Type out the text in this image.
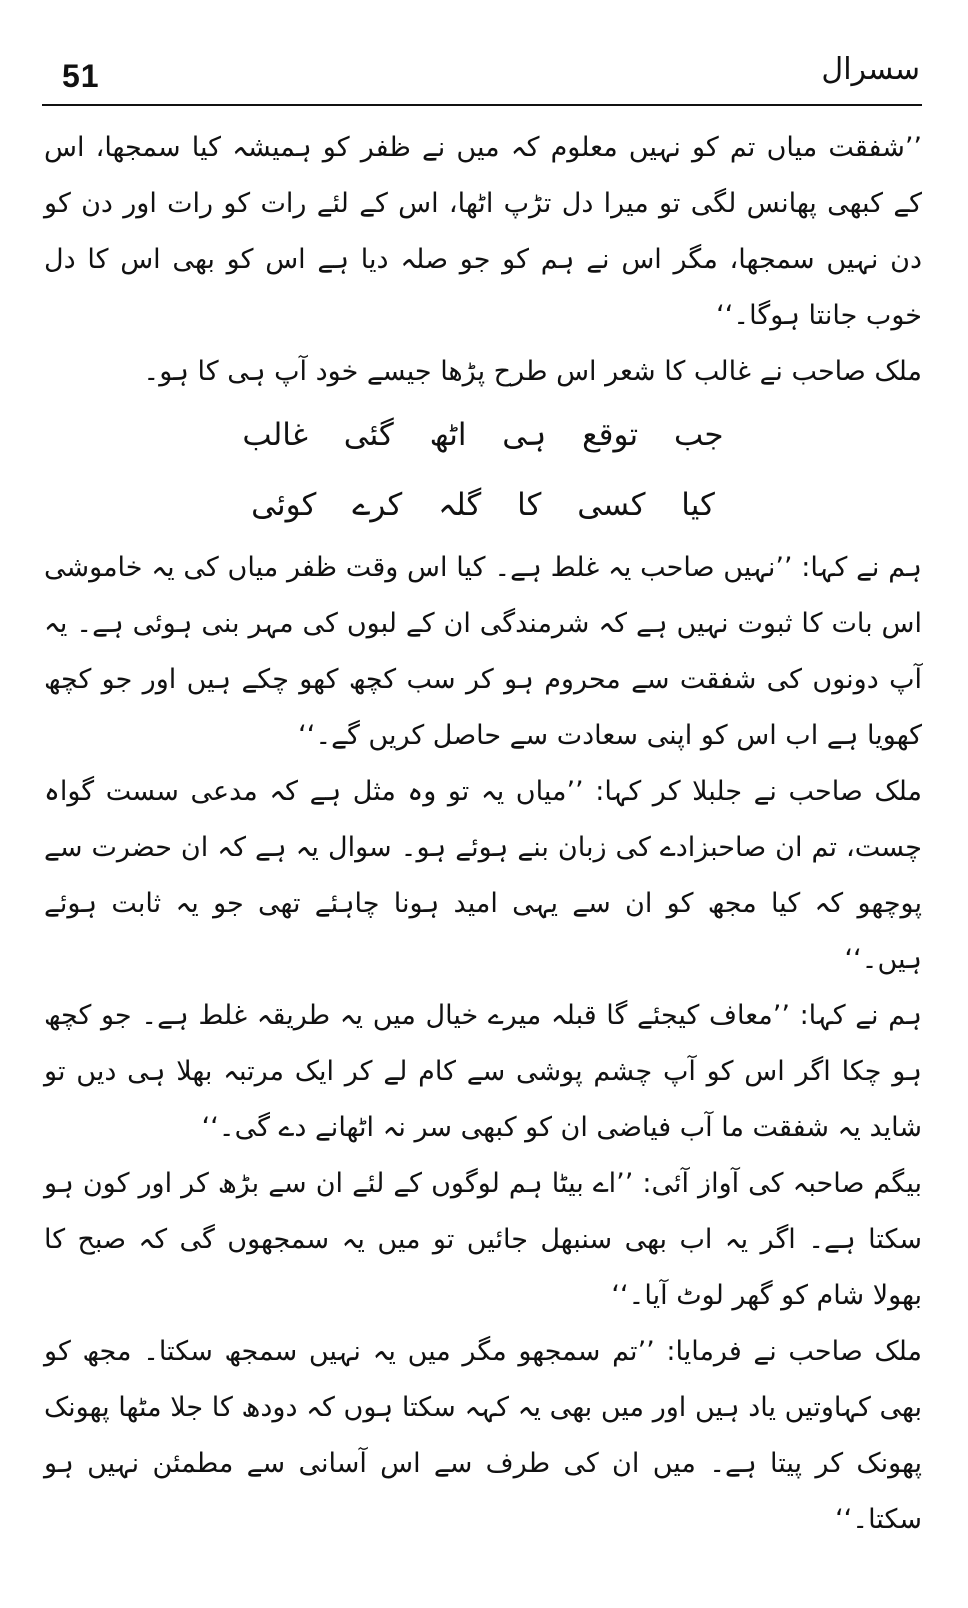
51	سسرال

’’شفقت میاں تم کو نہیں معلوم کہ میں نے ظفر کو ہمیشہ کیا سمجھا، اس کے کبھی پھانس لگی تو میرا دل تڑپ اٹھا، اس کے لئے رات کو رات اور دن کو دن نہیں سمجھا، مگر اس نے ہم کو جو صلہ دیا ہے اس کو بھی اس کا دل خوب جانتا ہوگا۔‘‘

ملک صاحب نے غالب کا شعر اس طرح پڑھا جیسے خود آپ ہی کا ہو۔

جب توقع ہی اٹھ گئی غالب

کیا کسی کا گلہ کرے کوئی

ہم نے کہا: ’’نہیں صاحب یہ غلط ہے۔ کیا اس وقت ظفر میاں کی یہ خاموشی اس بات کا ثبوت نہیں ہے کہ شرمندگی ان کے لبوں کی مہر بنی ہوئی ہے۔ یہ آپ دونوں کی شفقت سے محروم ہو کر سب کچھ کھو چکے ہیں اور جو کچھ کھویا ہے اب اس کو اپنی سعادت سے حاصل کریں گے۔‘‘

ملک صاحب نے جلبلا کر کہا: ’’میاں یہ تو وہ مثل ہے کہ مدعی سست گواہ چست، تم ان صاحبزادے کی زبان بنے ہوئے ہو۔ سوال یہ ہے کہ ان حضرت سے پوچھو کہ کیا مجھ کو ان سے یہی امید ہونا چاہئے تھی جو یہ ثابت ہوئے ہیں۔‘‘

ہم نے کہا: ’’معاف کیجئے گا قبلہ میرے خیال میں یہ طریقہ غلط ہے۔ جو کچھ ہو چکا اگر اس کو آپ چشم پوشی سے کام لے کر ایک مرتبہ بھلا ہی دیں تو شاید یہ شفقت ما آب فیاضی ان کو کبھی سر نہ اٹھانے دے گی۔‘‘

بیگم صاحبہ کی آواز آئی: ’’اے بیٹا ہم لوگوں کے لئے ان سے بڑھ کر اور کون ہو سکتا ہے۔ اگر یہ اب بھی سنبھل جائیں تو میں یہ سمجھوں گی کہ صبح کا بھولا شام کو گھر لوٹ آیا۔‘‘

ملک صاحب نے فرمایا: ’’تم سمجھو مگر میں یہ نہیں سمجھ سکتا۔ مجھ کو بھی کہاوتیں یاد ہیں اور میں بھی یہ کہہ سکتا ہوں کہ دودھ کا جلا مٹھا پھونک پھونک کر پیتا ہے۔ میں ان کی طرف سے اس آسانی سے مطمئن نہیں ہو سکتا۔‘‘
